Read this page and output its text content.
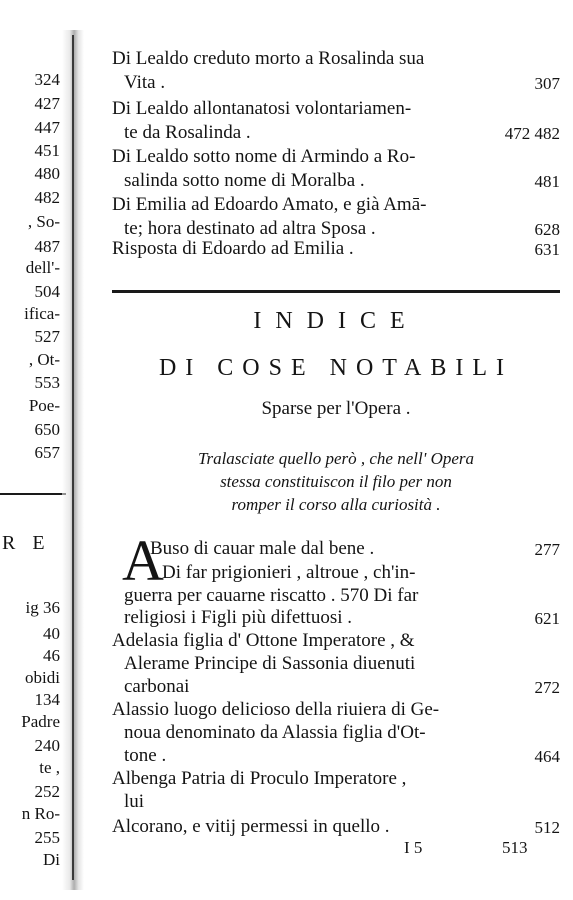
324
427
447
451
480
482
, So-
487
dell'-
504
ifica-
527
, Ot-
553
Poe-
650
657
R E
ig 36
40
46
obidi
134
Padre
240
te ,
252
n Ro-
255
Di
Di Lealdo creduto morto a Rosalinda sua
Vita .	307
Di Lealdo allontanatosi volontariamen-
te da Rosalinda .	472 482
Di Lealdo sotto nome di Armindo a Ro-
salinda sotto nome di Moralba .	481
Di Emilia ad Edoardo Amato, e già Amā-
te; hora destinato ad altra Sposa .	628
Risposta di Edoardo ad Emilia .	631
INDICE
DI COSE NOTABILI
Sparse per l'Opera .
Tralasciate quello però , che nell' Opera
stessa constituiscon il filo per non
romper il corso alla curiosità .
A
Buso di cauar male dal bene .	277
Di far prigionieri , altroue , ch'in-
guerra per cauarne riscatto . 570 Di far
religiosi i Figli più difettuosi .	621
Adelasia figlia d' Ottone Imperatore , &
Alerame Principe di Sassonia diuenuti
carbonai	272
Alassio luogo delicioso della riuiera di Ge-
noua denominato da Alassia figlia d'Ot-
tone .	464
Albenga Patria di Proculo Imperatore ,
lui
Alcorano, e vitij permessi in quello .	512
I 5	513
